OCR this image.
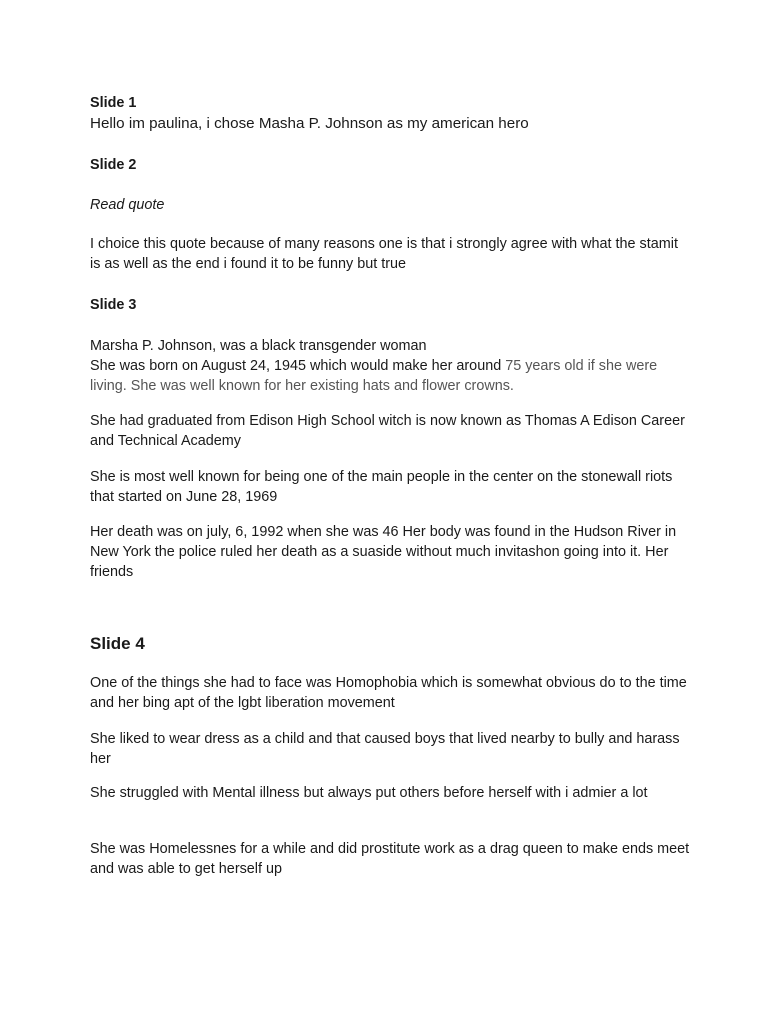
Slide 1
Hello im paulina, i chose Masha P. Johnson as my american hero
Slide 2
Read quote
I choice this quote because of many reasons one is that i strongly agree with what the stamit is as well as the end i found it to be funny but true
Slide 3
Marsha P. Johnson, was a black transgender woman
She was born on August 24, 1945 which would make her around 75 years old if she were living. She was well known for her existing hats and flower crowns.
She had graduated from Edison High School witch is now known as Thomas A Edison Career and Technical Academy
She is most well known for being one of the main people in the center on the stonewall riots that started on June 28, 1969
Her death was on july, 6, 1992 when she was 46 Her body was found in the Hudson River in New York the police ruled her death as a suaside without much invitashon going into it. Her friends
Slide 4
One of the things she had to face was Homophobia which is somewhat obvious do to the time and her bing apt of the lgbt liberation movement
She liked to wear dress as a child and that caused boys that lived nearby to bully and harass her
She struggled with Mental illness but always put others before herself with i admier a lot
She was Homelessnes for a while and did prostitute work as a drag queen to make ends meet and was able to get herself up
